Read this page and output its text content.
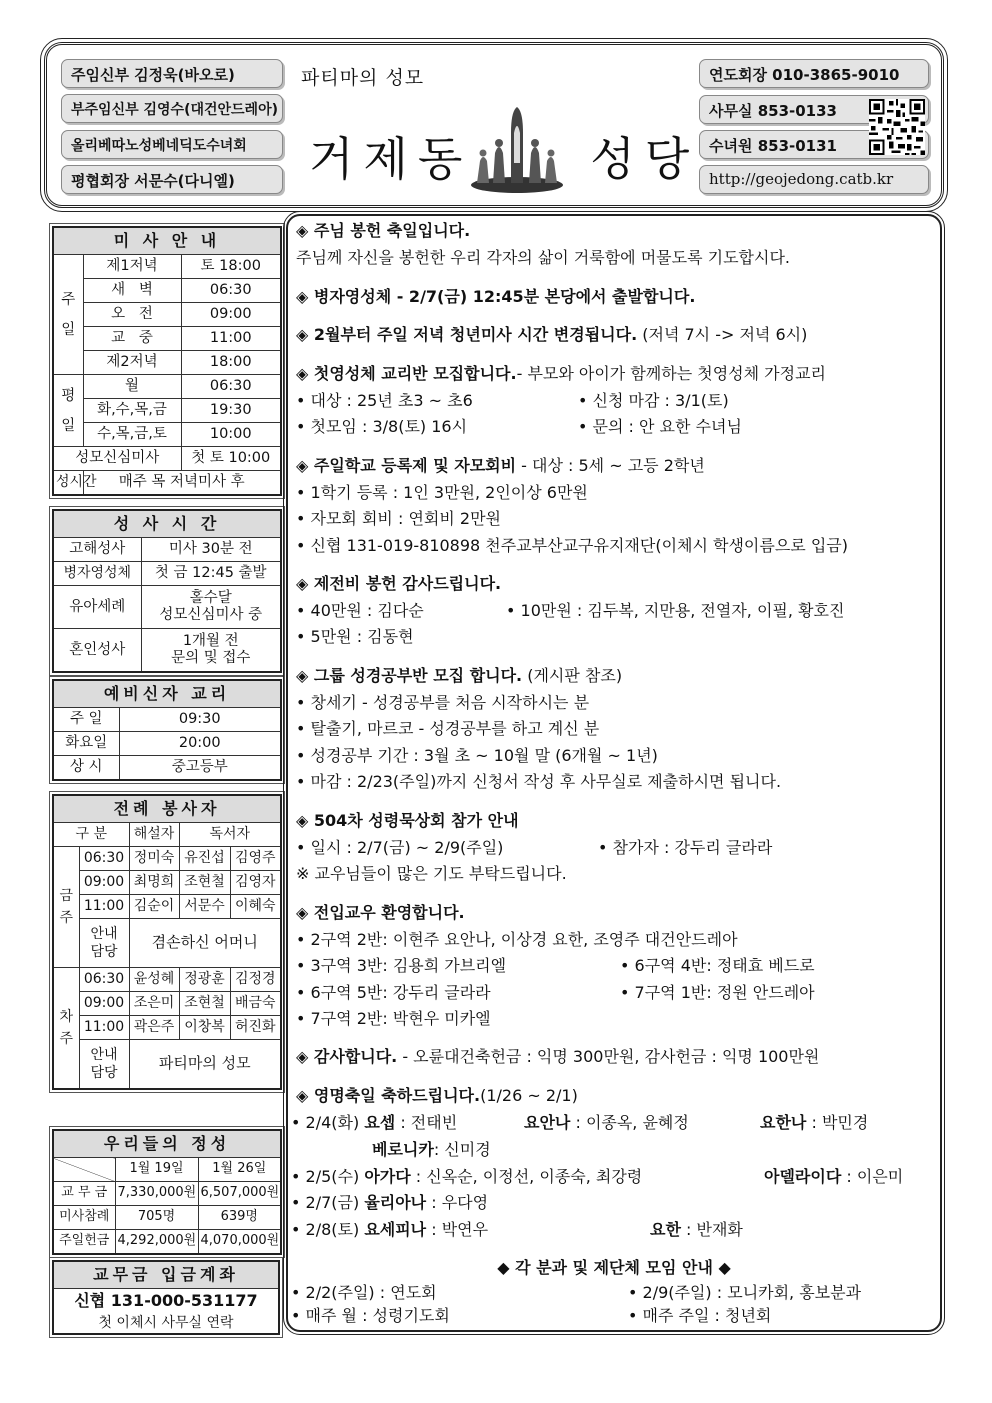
주임신부 김정욱(바오로)
부주임신부 김영수(대건안드레아)
올리베따노성베네딕도수녀회
평협회장 서문수(다니엘)
파티마의 성모
거제동	성당
연도회장 010-3865-9010
사무실 853-0133
수녀원 853-0131
http://geojedong.catb.kr
미 사 안 내		
주
일	제1저녁	토 18:00
	새   벽	06:30
	오   전	09:00
	교   중	11:00
	제2저녁	18:00
평
일	월	06:30
	화,수,목,금	19:30
	수,목,금,토	10:00
성모신심미사		첫 토 10:00
성시간	매주 목 저녁미사 후	
성 사 시 간	
고해성사	미사 30분 전
병자영성체	첫 금 12:45 출발
유아세례	홀수달
성모신심미사 중
혼인성사	1개월 전
문의 및 접수
예비신자 교리	
주 일	09:30
화요일	20:00
상 시	중고등부
전례 봉사자				
구 분		해설자	독서자	
금
주	06:30	정미숙	유진섭	김영주
	09:00	최명희	조현철	김영자
	11:00	김순이	서문수	이혜숙
	안내
담당	겸손하신 어머니		
차
주	06:30	윤성혜	정광훈	김정경
	09:00	조은미	조현철	배금숙
	11:00	곽은주	이창복	허진화
	안내
담당	파티마의 성모		
우리들의 정성		
	1월 19일	1월 26일
교 무 금	7,330,000원	6,507,000원
미사참례	705명	639명
주일헌금	4,292,000원	4,070,000원
교무금 입금계좌
신협 131-000-531177
첫 이체시 사무실 연락
◈ 주님 봉헌 축일입니다.
주님께 자신을 봉헌한 우리 각자의 삶이 거룩함에 머물도록 기도합시다.
◈ 병자영성체 - 2/7(금) 12:45분 본당에서 출발합니다.
◈ 2월부터 주일 저녁 청년미사 시간 변경됩니다. (저녁 7시 -> 저녁 6시)
◈ 첫영성체 교리반 모집합니다.- 부모와 아이가 함께하는 첫영성체 가정교리
• 대상 : 25년 초3 ~ 초6	• 신청 마감 : 3/1(토)
• 첫모임 : 3/8(토) 16시	• 문의 : 안 요한 수녀님
◈ 주일학교 등록제 및 자모회비 - 대상 : 5세 ~ 고등 2학년
• 1학기 등록 : 1인 3만원, 2인이상 6만원
• 자모회 회비 : 연회비 2만원
• 신협 131-019-810898 천주교부산교구유지재단(이체시 학생이름으로 입금)
◈ 제전비 봉헌 감사드립니다.
• 40만원 : 김다순	• 10만원 : 김두복, 지만용, 전열자, 이필, 황호진
• 5만원 : 김동현
◈ 그룹 성경공부반 모집 합니다. (게시판 참조)
• 창세기 - 성경공부를 처음 시작하시는 분
• 탈출기, 마르코 - 성경공부를 하고 계신 분
• 성경공부 기간 : 3월 초 ~ 10월 말 (6개월 ~ 1년)
• 마감 : 2/23(주일)까지 신청서 작성 후 사무실로 제출하시면 됩니다.
◈ 504차 성령묵상회 참가 안내
• 일시 : 2/7(금) ~ 2/9(주일)	• 참가자 : 강두리 글라라
※ 교우님들이 많은 기도 부탁드립니다.
◈ 전입교우 환영합니다.
• 2구역 2반: 이현주 요안나, 이상경 요한, 조영주 대건안드레아
• 3구역 3반: 김용희 가브리엘	• 6구역 4반: 정태효 베드로
• 6구역 5반: 강두리 글라라	• 7구역 1반: 정원 안드레아
• 7구역 2반: 박현우 미카엘
◈ 감사합니다. - 오륜대건축헌금 : 익명 300만원, 감사헌금 : 익명 100만원
◈ 영명축일 축하드립니다.(1/26 ~ 2/1)
• 2/4(화) 요셉 : 전태빈	요안나 : 이종옥, 윤혜정	요한나 : 박민경
베로니카: 신미경
• 2/5(수) 아가다 : 신옥순, 이정선, 이종숙, 최강령	아델라이다 : 이은미
• 2/7(금) 율리아나 : 우다영
• 2/8(토) 요세피나 : 박연우	요한 : 반재화
◆ 각 분과 및 제단체 모임 안내 ◆
• 2/2(주일) : 연도회	• 2/9(주일) : 모니카회, 홍보분과
• 매주 월 : 성령기도회	• 매주 주일 : 청년회
